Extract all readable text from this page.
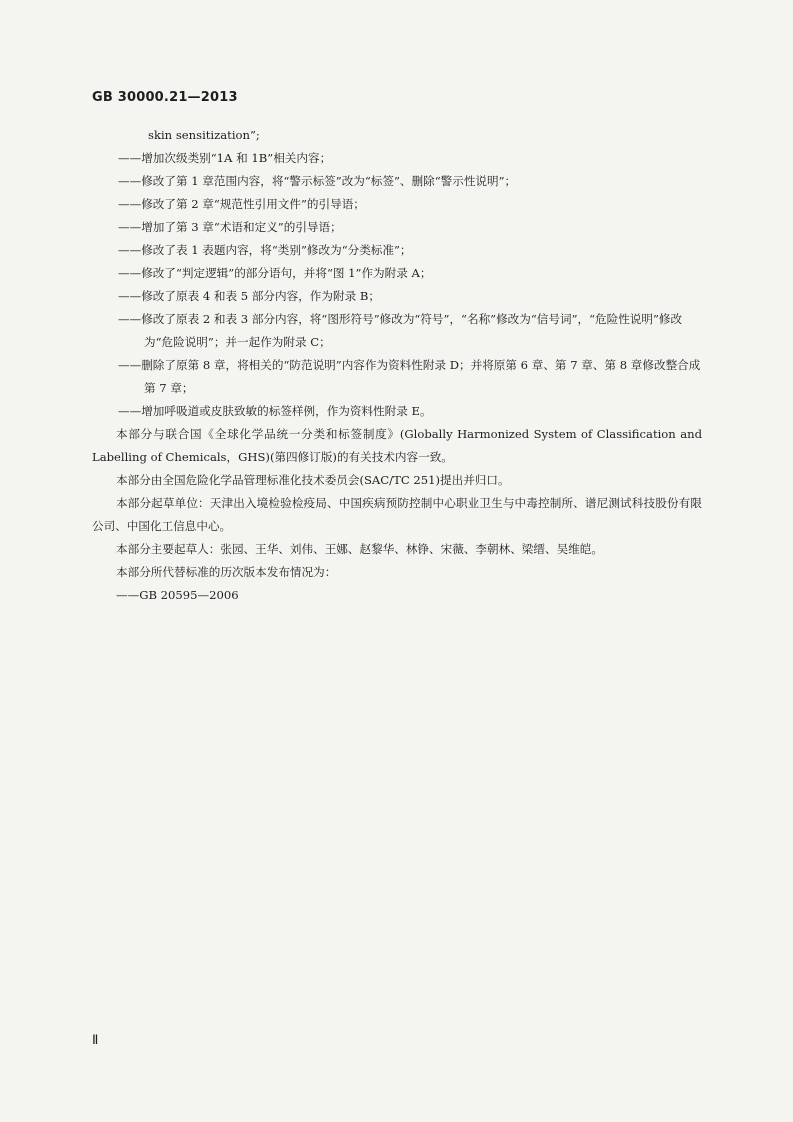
GB 30000.21—2013

skin sensitization”;

——增加次级类别“1A 和 1B”相关内容；

——修改了第 1 章范围内容，将“警示标签”改为“标签”、删除“警示性说明”；

——修改了第 2 章“规范性引用文件”的引导语；

——增加了第 3 章“术语和定义”的引导语；

——修改了表 1 表题内容，将“类别”修改为“分类标准”；

——修改了“判定逻辑”的部分语句，并将“图 1”作为附录 A；

——修改了原表 4 和表 5 部分内容，作为附录 B；

——修改了原表 2 和表 3 部分内容，将“图形符号”修改为“符号”，“名称”修改为“信号词”，“危险性说明”修改为“危险说明”；并一起作为附录 C；

——删除了原第 8 章，将相关的“防范说明”内容作为资料性附录 D；并将原第 6 章、第 7 章、第 8 章修改整合成第 7 章；

——增加呼吸道或皮肤致敏的标签样例，作为资料性附录 E。

本部分与联合国《全球化学品统一分类和标签制度》(Globally Harmonized System of Classification and Labelling of Chemicals，GHS)(第四修订版)的有关技术内容一致。

本部分由全国危险化学品管理标准化技术委员会(SAC/TC 251)提出并归口。

本部分起草单位：天津出入境检验检疫局、中国疾病预防控制中心职业卫生与中毒控制所、谱尼测试科技股份有限公司、中国化工信息中心。

本部分主要起草人：张园、王华、刘伟、王娜、赵黎华、林铮、宋薇、李朝林、梁缙、吴维皑。

本部分所代替标准的历次版本发布情况为：

——GB 20595—2006

Ⅱ
